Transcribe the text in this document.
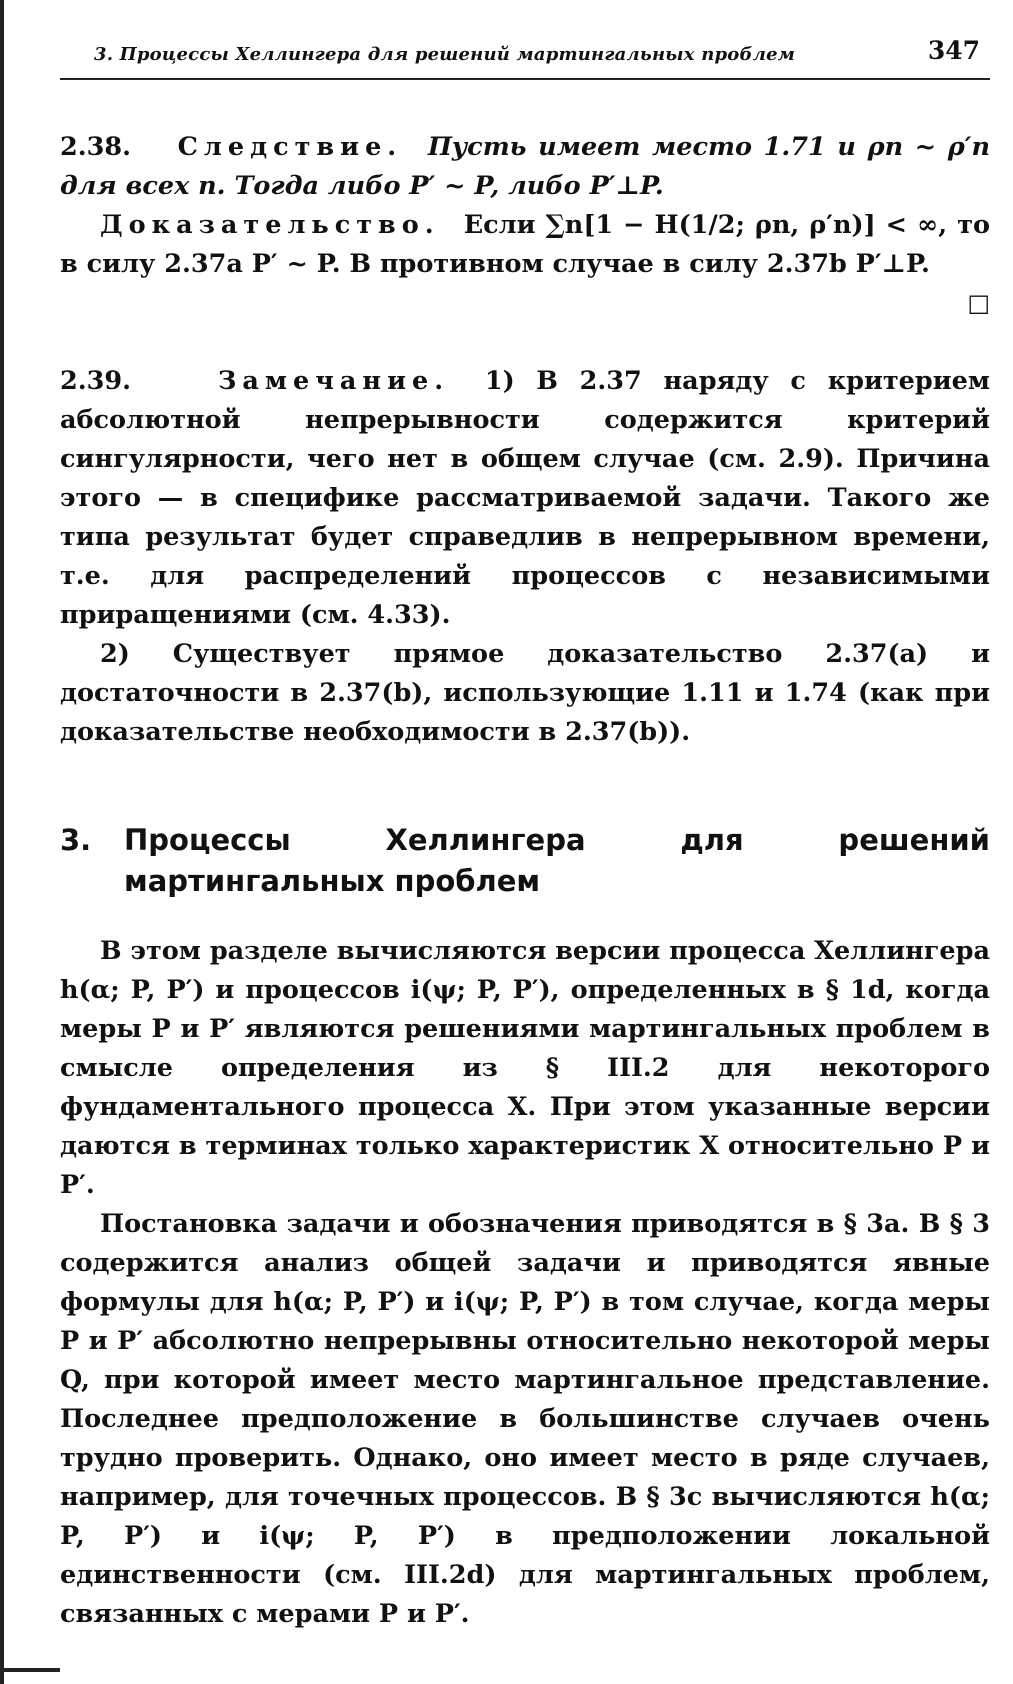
3. Процессы Хеллингера для решений мартингальных проблем	347

2.38. Следствие. Пусть имеет место 1.71 и ρn ~ ρ′n для всех n. Тогда либо P′ ~ P, либо P′⊥P.

Доказательство. Если ∑n[1 − H(1/2; ρn, ρ′n)] < ∞, то в силу 2.37a P′ ~ P. В противном случае в силу 2.37b P′⊥P.
□

2.39.	Замечание. 1) В 2.37 наряду с критерием абсолютной непрерывности содержится критерий сингулярности, чего нет в общем случае (см. 2.9). Причина этого — в специфике рассматриваемой задачи. Такого же типа результат будет справедлив в непрерывном времени, т.е. для распределений процессов с независимыми приращениями (см. 4.33).

2) Существует прямое доказательство 2.37(a) и достаточности в 2.37(b), использующие 1.11 и 1.74 (как при доказательстве необходимости в 2.37(b)).

3. Процессы Хеллингера для решений мартингальных проблем

В этом разделе вычисляются версии процесса Хеллингера h(α; P, P′) и процессов i(ψ; P, P′), определенных в § 1d, когда меры P и P′ являются решениями мартингальных проблем в смысле определения из § III.2 для некоторого фундаментального процесса X. При этом указанные версии даются в терминах только характеристик X относительно P и P′.

Постановка задачи и обозначения приводятся в § 3a. В § 3 содержится анализ общей задачи и приводятся явные формулы для h(α; P, P′) и i(ψ; P, P′) в том случае, когда меры P и P′ абсолютно непрерывны относительно некоторой меры Q, при которой имеет место мартингальное представление. Последнее предположение в большинстве случаев очень трудно проверить. Однако, оно имеет место в ряде случаев, например, для точечных процессов. В § 3c вычисляются h(α; P, P′) и i(ψ; P, P′) в предположении локальной единственности (см. III.2d) для мартингальных проблем, связанных с мерами P и P′.
